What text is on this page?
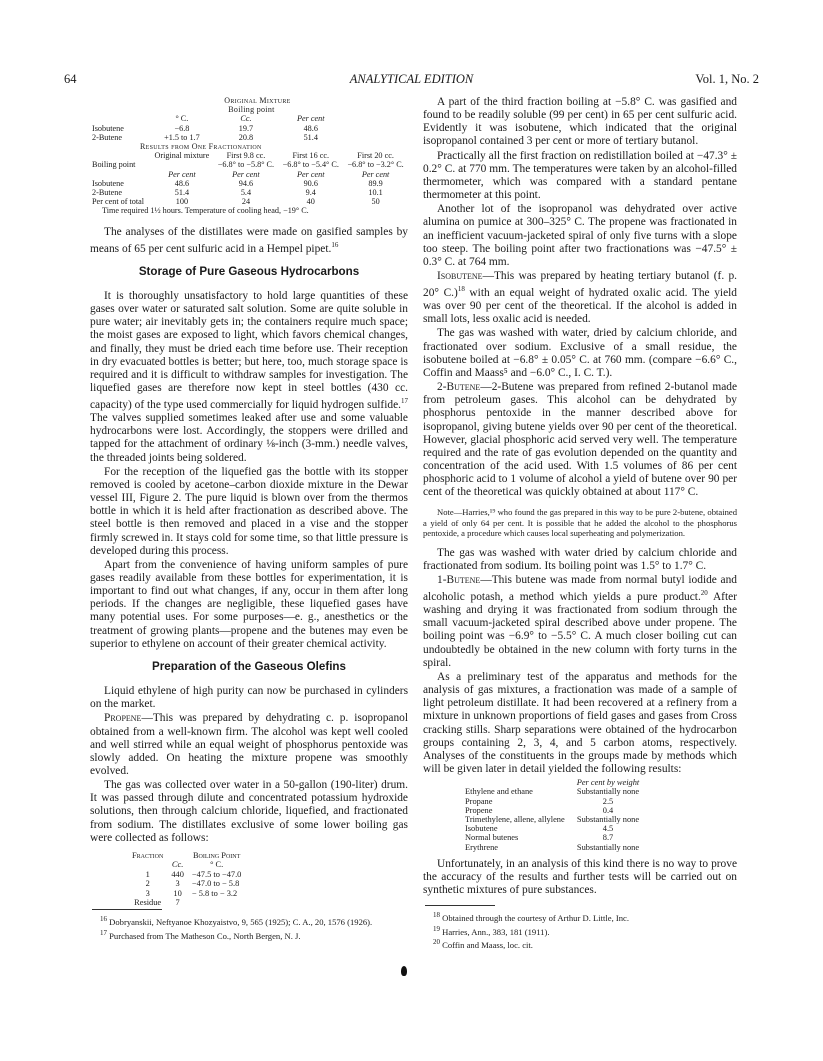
64	ANALYTICAL EDITION	Vol. 1, No. 2
	Original Mixture			
	Boiling point			
	° C.	Cc.	Per cent	
Isobutene	−6.8	19.7	48.6	
2-Butene	+1.5 to 1.7	20.8	51.4	
Results from One Fractionation				
	Original mixture	First 9.8 cc.	First 16 cc.	First 20 cc.
Boiling point		−6.8° to −5.8° C.	−6.8° to −5.4° C.	−6.8° to −3.2° C.
	Per cent	Per cent	Per cent	Per cent
Isobutene	48.6	94.6	90.6	89.9
2-Butene	51.4	5.4	9.4	10.1
Per cent of total	100	24	40	50
Time required 1½ hours. Temperature of cooling head, −19° C.				

The analyses of the distillates were made on gasified samples by means of 65 per cent sulfuric acid in a Hempel pipet.$^{16}$

Storage of Pure Gaseous Hydrocarbons

It is thoroughly unsatisfactory to hold large quantities of these gases over water or saturated salt solution. Some are quite soluble in pure water; air inevitably gets in; the containers require much space; the moist gases are exposed to light, which favors chemical changes, and finally, they must be dried each time before use. Their reception in dry evacuated bottles is better; but here, too, much storage space is required and it is difficult to withdraw samples for investigation. The liquefied gases are therefore now kept in steel bottles (430 cc. capacity) of the type used commercially for liquid hydrogen sulfide.$^{17}$ The valves supplied sometimes leaked after use and some valuable hydrocarbons were lost. Accordingly, the stoppers were drilled and tapped for the attachment of ordinary ⅛-inch (3-mm.) needle valves, the threaded joints being soldered.

For the reception of the liquefied gas the bottle with its stopper removed is cooled by acetone–carbon dioxide mixture in the Dewar vessel III, Figure 2. The pure liquid is blown over from the thermos bottle in which it is held after fractionation as described above. The steel bottle is then removed and placed in a vise and the stopper firmly screwed in. It stays cold for some time, so that little pressure is developed during this process.

Apart from the convenience of having uniform samples of pure gases readily available from these bottles for experimentation, it is important to find out what changes, if any, occur in them after long periods. If the changes are negligible, these liquefied gases have many potential uses. For some purposes—e. g., anesthetics or the treatment of growing plants—propene and the butenes may even be superior to ethylene on account of their greater chemical activity.

Preparation of the Gaseous Olefins

Liquid ethylene of high purity can now be purchased in cylinders on the market.

Propene—This was prepared by dehydrating c. p. isopropanol obtained from a well-known firm. The alcohol was kept well cooled and well stirred while an equal weight of phosphorus pentoxide was slowly added. On heating the mixture propene was smoothly evolved.

The gas was collected over water in a 50-gallon (190-liter) drum. It was passed through dilute and concentrated potassium hydroxide solutions, then through calcium chloride, liquefied, and fractionated from sodium. The distillates exclusive of some lower boiling gas were collected as follows:

Fraction		Boiling Point
	Cc.	° C.
1	440	−47.5 to −47.0
2	3	−47.0 to − 5.8
3	10	− 5.8 to − 3.2
Residue	7	

$^{16}$ Dobryanskii, Neftyanoe Khozyaistvo, 9, 565 (1925); C. A., 20, 1576 (1926).

$^{17}$ Purchased from The Matheson Co., North Bergen, N. J.

A part of the third fraction boiling at −5.8° C. was gasified and found to be readily soluble (99 per cent) in 65 per cent sulfuric acid. Evidently it was isobutene, which indicated that the original isopropanol contained 3 per cent or more of tertiary butanol.

Practically all the first fraction on redistillation boiled at −47.3° ± 0.2° C. at 770 mm. The temperatures were taken by an alcohol-filled thermometer, which was compared with a standard pentane thermometer at this point.

Another lot of the isopropanol was dehydrated over active alumina on pumice at 300–325° C. The propene was fractionated in an inefficient vacuum-jacketed spiral of only five turns with a slope too steep. The boiling point after two fractionations was −47.5° ± 0.3° C. at 764 mm.

Isobutene—This was prepared by heating tertiary butanol (f. p. 20° C.)$^{18}$ with an equal weight of hydrated oxalic acid. The yield was over 90 per cent of the theoretical. If the alcohol is added in small lots, less oxalic acid is needed.

The gas was washed with water, dried by calcium chloride, and fractionated over sodium. Exclusive of a small residue, the isobutene boiled at −6.8° ± 0.05° C. at 760 mm. (compare −6.6° C., Coffin and Maass⁵ and −6.0° C., I. C. T.).

2-Butene—2-Butene was prepared from refined 2-butanol made from petroleum gases. This alcohol can be dehydrated by phosphorus pentoxide in the manner described above for isopropanol, giving butene yields over 90 per cent of the theoretical. However, glacial phosphoric acid served very well. The temperature required and the rate of gas evolution depended on the quantity and concentration of the acid used. With 1.5 volumes of 86 per cent phosphoric acid to 1 volume of alcohol a yield of butene over 90 per cent of the theoretical was quickly obtained at about 117° C.

Note—Harries,¹⁹ who found the gas prepared in this way to be pure 2-butene, obtained a yield of only 64 per cent. It is possible that he added the alcohol to the phosphorus pentoxide, a procedure which causes local superheating and polymerization.

The gas was washed with water dried by calcium chloride and fractionated from sodium. Its boiling point was 1.5° to 1.7° C.

1-Butene—This butene was made from normal butyl iodide and alcoholic potash, a method which yields a pure product.$^{20}$ After washing and drying it was fractionated from sodium through the small vacuum-jacketed spiral described above under propene. The boiling point was −6.9° to −5.5° C. A much closer boiling cut can undoubtedly be obtained in the new column with forty turns in the spiral.

As a preliminary test of the apparatus and methods for the analysis of gas mixtures, a fractionation was made of a sample of light petroleum distillate. It had been recovered at a refinery from a mixture in unknown proportions of field gases and gases from Cross cracking stills. Sharp separations were obtained of the hydrocarbon groups containing 2, 3, 4, and 5 carbon atoms, respectively. Analyses of the constituents in the groups made by methods which will be given later in detail yielded the following results:

	Per cent by weight
Ethylene and ethane	Substantially none
Propane	2.5
Propene	0.4
Trimethylene, allene, allylene	Substantially none
Isobutene	4.5
Normal butenes	8.7
Erythrene	Substantially none

Unfortunately, in an analysis of this kind there is no way to prove the accuracy of the results and further tests will be carried out on synthetic mixtures of pure substances.

$^{18}$ Obtained through the courtesy of Arthur D. Little, Inc.

$^{19}$ Harries, Ann., 383, 181 (1911).

$^{20}$ Coffin and Maass, loc. cit.
